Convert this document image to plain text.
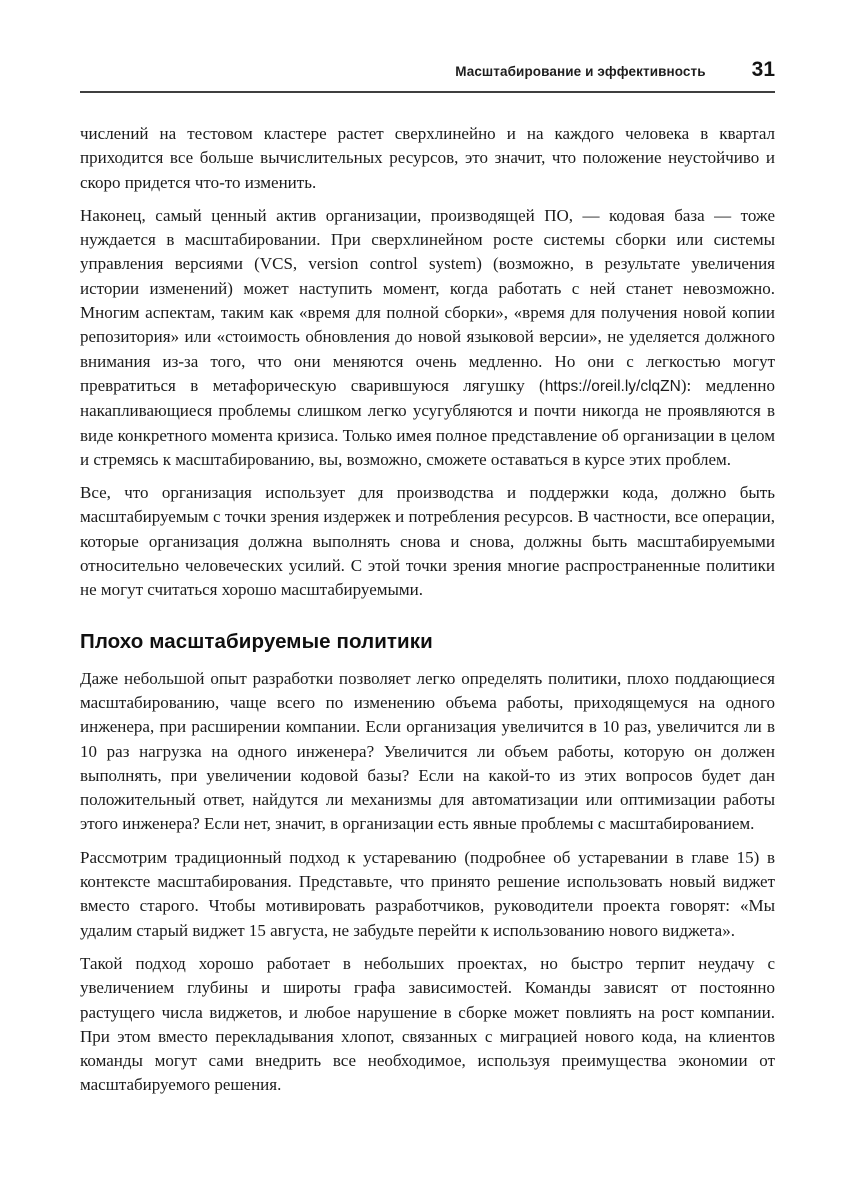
Масштабирование и эффективность 31

числений на тестовом кластере растет сверхлинейно и на каждого человека в квартал приходится все больше вычислительных ресурсов, это значит, что положение неустойчиво и скоро придется что-то изменить.

Наконец, самый ценный актив организации, производящей ПО, — кодовая база — тоже нуждается в масштабировании. При сверхлинейном росте системы сборки или системы управления версиями (VCS, version control system) (возможно, в результате увеличения истории изменений) может наступить момент, когда работать с ней станет невозможно. Многим аспектам, таким как «время для полной сборки», «время для получения новой копии репозитория» или «стоимость обновления до новой языковой версии», не уделяется должного внимания из-за того, что они меняются очень медленно. Но они с легкостью могут превратиться в метафорическую сварившуюся лягушку (https://oreil.ly/clqZN): медленно накапливающиеся проблемы слишком легко усугубляются и почти никогда не проявляются в виде конкретного момента кризиса. Только имея полное представление об организации в целом и стремясь к масштабированию, вы, возможно, сможете оставаться в курсе этих проблем.

Все, что организация использует для производства и поддержки кода, должно быть масштабируемым с точки зрения издержек и потребления ресурсов. В частности, все операции, которые организация должна выполнять снова и снова, должны быть масштабируемыми относительно человеческих усилий. С этой точки зрения многие распространенные политики не могут считаться хорошо масштабируемыми.

Плохо масштабируемые политики

Даже небольшой опыт разработки позволяет легко определять политики, плохо поддающиеся масштабированию, чаще всего по изменению объема работы, приходящемуся на одного инженера, при расширении компании. Если организация увеличится в 10 раз, увеличится ли в 10 раз нагрузка на одного инженера? Увеличится ли объем работы, которую он должен выполнять, при увеличении кодовой базы? Если на какой-то из этих вопросов будет дан положительный ответ, найдутся ли механизмы для автоматизации или оптимизации работы этого инженера? Если нет, значит, в организации есть явные проблемы с масштабированием.

Рассмотрим традиционный подход к устареванию (подробнее об устаревании в главе 15) в контексте масштабирования. Представьте, что принято решение использовать новый виджет вместо старого. Чтобы мотивировать разработчиков, руководители проекта говорят: «Мы удалим старый виджет 15 августа, не забудьте перейти к использованию нового виджета».

Такой подход хорошо работает в небольших проектах, но быстро терпит неудачу с увеличением глубины и широты графа зависимостей. Команды зависят от постоянно растущего числа виджетов, и любое нарушение в сборке может повлиять на рост компании. При этом вместо перекладывания хлопот, связанных с миграцией нового кода, на клиентов команды могут сами внедрить все необходимое, используя преимущества экономии от масштабируемого решения.
